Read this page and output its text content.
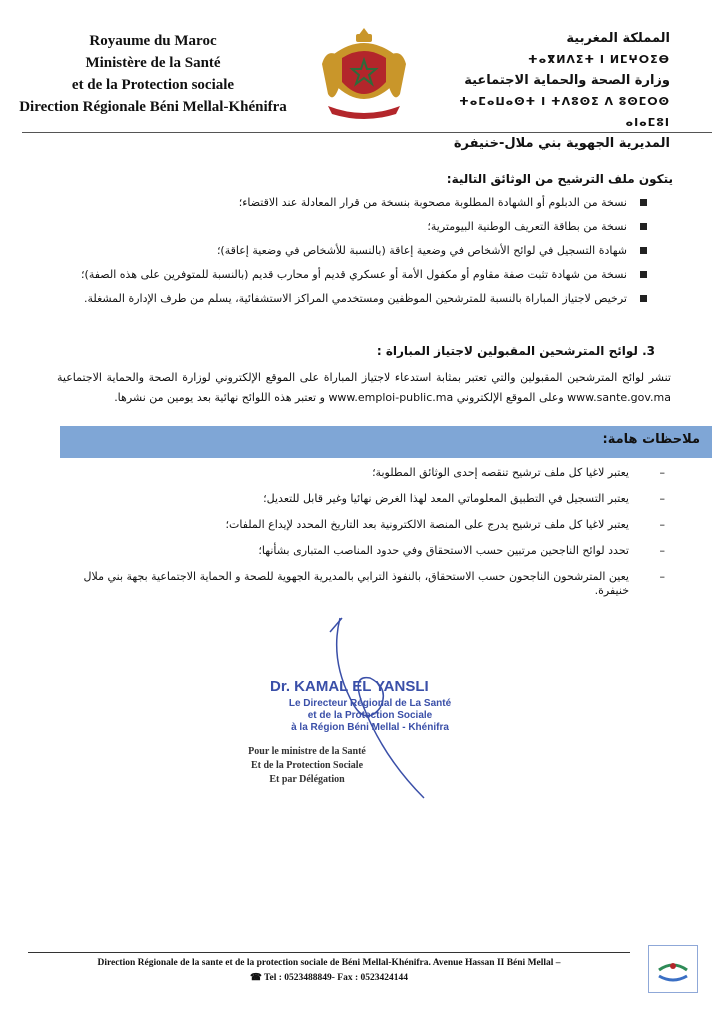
Royaume du Maroc
Ministère de la Santé
et de la Protection sociale
Direction Régionale Béni Mellal-Khénifra
المملكة المغربية
ⵜⴰⴳⵍⴷⵉⵜ ⵏ ⵍⵎⵖⵔⵉⴱ
وزارة الصحة والحماية الاجتماعية
ⵜⴰⵎⴰⵡⴰⵙⵜ ⵏ ⵜⴷⵓⵙⵉ ⴷ ⵓⵙⵎⵔⵙ ⴰⵏⴰⵎⵓⵏ
المديرية الجهوية بني ملال-خنيفرة
يتكون ملف الترشيح من الوثائق التالية:
نسخة من الدبلوم أو الشهادة المطلوبة مصحوبة بنسخة من قرار المعادلة عند الاقتضاء؛
نسخة من بطاقة التعريف الوطنية البيومترية؛
شهادة التسجيل في لوائح الأشخاص في وضعية إعاقة (بالنسبة للأشخاص في وضعية إعاقة)؛
نسخة من شهادة تثبت صفة مقاوم أو مكفول الأمة أو عسكري قديم أو محارب قديم (بالنسبة للمتوفرين على هذه الصفة)؛
ترخيص لاجتياز المباراة بالنسبة للمترشحين الموظفين ومستخدمي المراكز الاستشفائية، يسلم من طرف الإدارة المشغلة.
3. لوائح المترشحين المقبولين لاجتياز المباراة :
تنشر لوائح المترشحين المقبولين والتي تعتبر بمثابة استدعاء لاجتياز المباراة على الموقع الإلكتروني لوزارة الصحة والحماية الاجتماعية www.sante.gov.ma وعلى الموقع الإلكتروني www.emploi-public.ma و تعتبر هذه اللوائح نهائية بعد يومين من نشرها.
ملاحظات هامة:
– يعتبر لاغيا كل ملف ترشيح تنقصه إحدى الوثائق المطلوبة؛
– يعتبر التسجيل في التطبيق المعلوماتي المعد لهذا الغرض نهائيا وغير قابل للتعديل؛
– يعتبر لاغيا كل ملف ترشيح يدرج على المنصة الالكترونية بعد التاريخ المحدد لإيداع الملفات؛
– تحدد لوائح الناجحين مرتبين حسب الاستحقاق وفي حدود المناصب المتبارى بشأنها؛
– يعين المترشحون الناجحون حسب الاستحقاق، بالنفوذ الترابي بالمديرية الجهوية للصحة و الحماية الاجتماعية بجهة بني ملال خنيفرة.
Dr. KAMAL EL YANSLI
Le Directeur Régional de La Santé
et de la Protection Sociale
à la Région Béni Mellal - Khénifra
Pour le ministre de la Santé
Et de la Protection Sociale
Et par Délégation
Direction Régionale de la sante et de la protection sociale de Béni Mellal-Khénifra. Avenue Hassan II Béni Mellal –
☎ Tel : 0523488849- Fax : 0523424144
